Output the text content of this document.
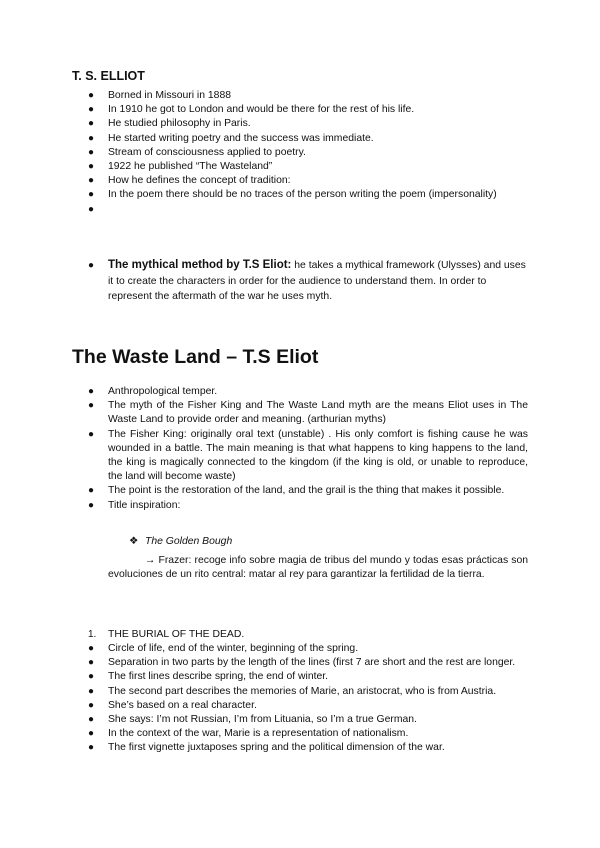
T. S. ELLIOT
●	Borned in Missouri in 1888
●	In 1910 he got to London and would be there for the rest of his life.
●	He studied philosophy in Paris.
●	He started writing poetry and the success was immediate.
●	Stream of consciousness applied to poetry.
●	1922 he published “The Wasteland”
●	How he defines the concept of tradition:
●	In the poem there should be no traces of the person writing the poem (impersonality)
●
●	The mythical method by T.S Eliot: he takes a mythical framework (Ulysses) and uses it to create the characters in order for the audience to understand them. In order to represent the aftermath of the war he uses myth.
The Waste Land – T.S Eliot
●	Anthropological temper.
●	The myth of the Fisher King and The Waste Land myth are the means Eliot uses in The Waste Land to provide order and meaning. (arthurian myths)
●	The Fisher King: originally oral text (unstable) . His only comfort is fishing cause he was wounded in a battle. The main meaning is that what happens to king happens to the land, the king is magically connected to the kingdom (if the king is old, or unable to reproduce, the land will become waste)
●	The point is the restoration of the land, and the grail is the thing that makes it possible.
●	Title inspiration:
❖ The Golden Bough
→ Frazer: recoge info sobre magia de tribus del mundo y todas esas prácticas son evoluciones de un rito central: matar al rey para garantizar la fertilidad de la tierra.
1.	THE BURIAL OF THE DEAD.
●	Circle of life, end of the winter, beginning of the spring.
●	Separation in two parts by the length of the lines (first 7 are short and the rest are longer.
●	The first lines describe spring, the end of winter.
●	The second part describes the memories of Marie, an aristocrat, who is from Austria.
●	She’s based on a real character.
●	She says: I’m not Russian, I’m from Lituania, so I’m a true German.
●	In the context of the war, Marie is a representation of nationalism.
●	The first vignette juxtaposes spring and the political dimension of the war.
